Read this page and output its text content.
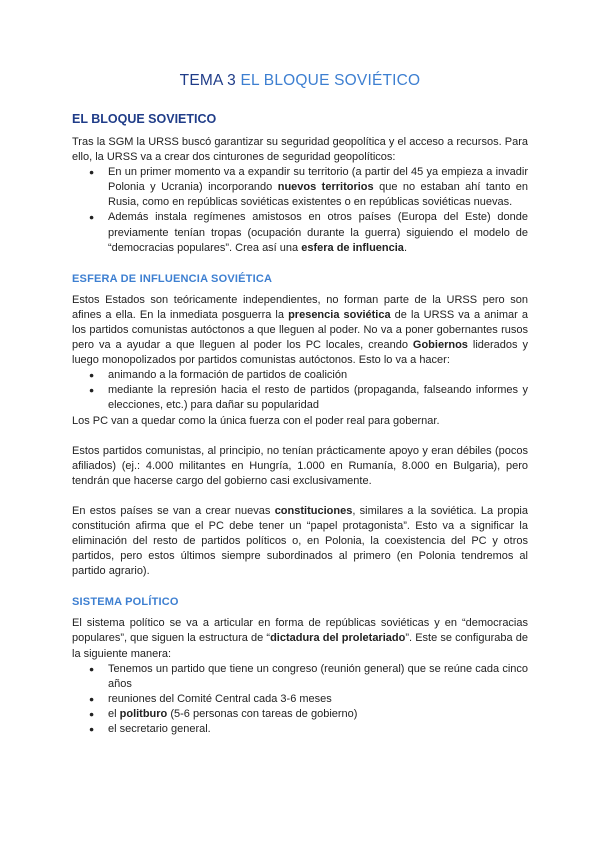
TEMA 3 EL BLOQUE SOVIÉTICO
EL BLOQUE SOVIETICO

Tras la SGM la URSS buscó garantizar su seguridad geopolítica y el acceso a recursos. Para ello, la URSS va a crear dos cinturones de seguridad geopolíticos:

● En un primer momento va a expandir su territorio (a partir del 45 ya empieza a invadir Polonia y Ucrania) incorporando nuevos territorios que no estaban ahí tanto en Rusia, como en repúblicas soviéticas existentes o en repúblicas soviéticas nuevas.
● Además instala regímenes amistosos en otros países (Europa del Este) donde previamente tenían tropas (ocupación durante la guerra) siguiendo el modelo de “democracias populares”. Crea así una esfera de influencia.
ESFERA DE INFLUENCIA SOVIÉTICA

Estos Estados son teóricamente independientes, no forman parte de la URSS pero son afines a ella. En la inmediata posguerra la presencia soviética de la URSS va a animar a los partidos comunistas autóctonos a que lleguen al poder. No va a poner gobernantes rusos pero va a ayudar a que lleguen al poder los PC locales, creando Gobiernos liderados y luego monopolizados por partidos comunistas autóctonos. Esto lo va a hacer:

● animando a la formación de partidos de coalición
● mediante la represión hacia el resto de partidos (propaganda, falseando informes y elecciones, etc.) para dañar su popularidad

Los PC van a quedar como la única fuerza con el poder real para gobernar.

Estos partidos comunistas, al principio, no tenían prácticamente apoyo y eran débiles (pocos afiliados) (ej.: 4.000 militantes en Hungría, 1.000 en Rumanía, 8.000 en Bulgaria), pero tendrán que hacerse cargo del gobierno casi exclusivamente.

En estos países se van a crear nuevas constituciones, similares a la soviética. La propia constitución afirma que el PC debe tener un “papel protagonista”. Esto va a significar la eliminación del resto de partidos políticos o, en Polonia, la coexistencia del PC y otros partidos, pero estos últimos siempre subordinados al primero (en Polonia tendremos al partido agrario).

SISTEMA POLÍTICO

El sistema político se va a articular en forma de repúblicas soviéticas y en “democracias populares”, que siguen la estructura de “dictadura del proletariado”. Este se configuraba de la siguiente manera:

● Tenemos un partido que tiene un congreso (reunión general) que se reúne cada cinco años
● reuniones del Comité Central cada 3-6 meses
● el politburo (5-6 personas con tareas de gobierno)
● el secretario general.
